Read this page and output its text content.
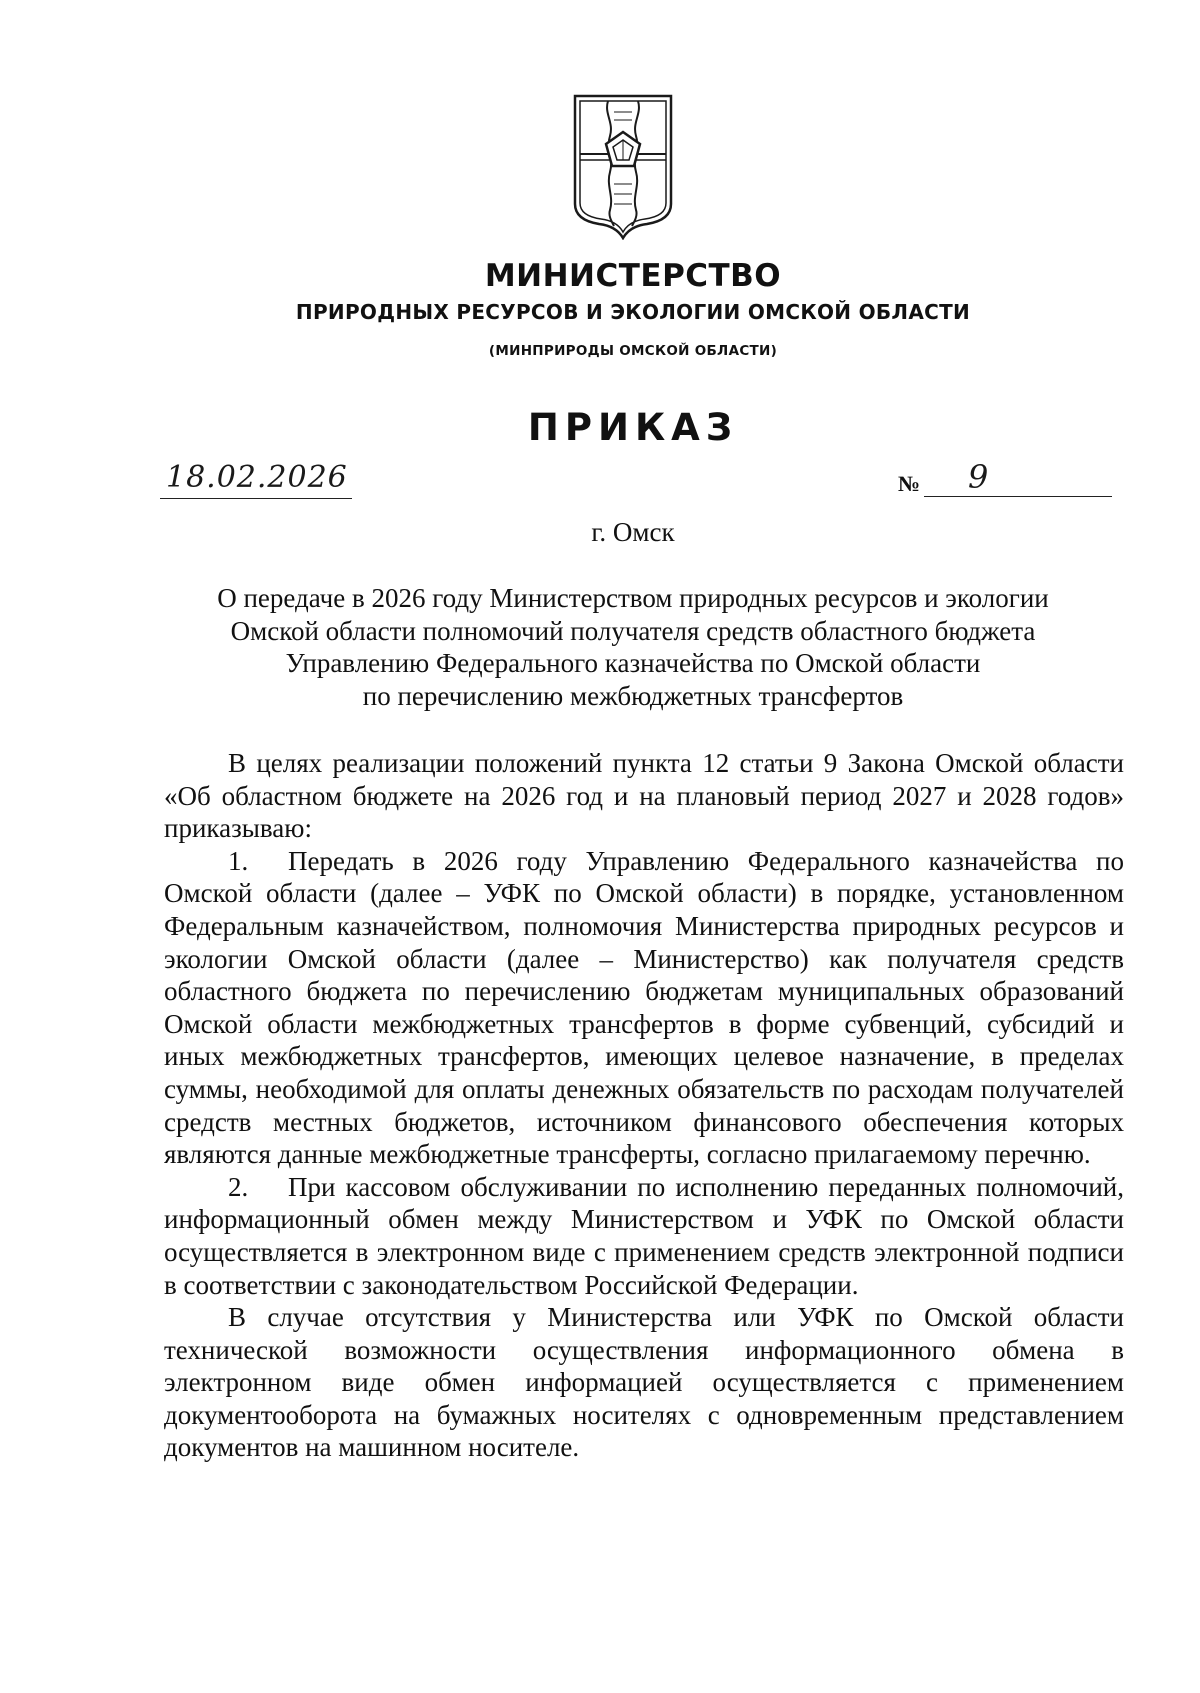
МИНИСТЕРСТВО
ПРИРОДНЫХ РЕСУРСОВ И ЭКОЛОГИИ ОМСКОЙ ОБЛАСТИ
(МИНПРИРОДЫ ОМСКОЙ ОБЛАСТИ)
ПРИКАЗ
18.02.2026	№ 9
г. Омск
О передаче в 2026 году Министерством природных ресурсов и экологии
Омской области полномочий получателя средств областного бюджета
Управлению Федерального казначейства по Омской области
по перечислению межбюджетных трансфертов

В целях реализации положений пункта 12 статьи 9 Закона Омской области «Об областном бюджете на 2026 год и на плановый период 2027 и 2028 годов» приказываю:

1. Передать в 2026 году Управлению Федерального казначейства по Омской области (далее – УФК по Омской области) в порядке, установленном Федеральным казначейством, полномочия Министерства природных ресурсов и экологии Омской области (далее – Министерство) как получателя средств областного бюджета по перечислению бюджетам муниципальных образований Омской области межбюджетных трансфертов в форме субвенций, субсидий и иных межбюджетных трансфертов, имеющих целевое назначение, в пределах суммы, необходимой для оплаты денежных обязательств по расходам получателей средств местных бюджетов, источником финансового обеспечения которых являются данные межбюджетные трансферты, согласно прилагаемому перечню.

2. При кассовом обслуживании по исполнению переданных полномочий, информационный обмен между Министерством и УФК по Омской области осуществляется в электронном виде с применением средств электронной подписи в соответствии с законодательством Российской Федерации.

В случае отсутствия у Министерства или УФК по Омской области технической возможности осуществления информационного обмена в электронном виде обмен информацией осуществляется с применением документооборота на бумажных носителях с одновременным представлением документов на машинном носителе.
